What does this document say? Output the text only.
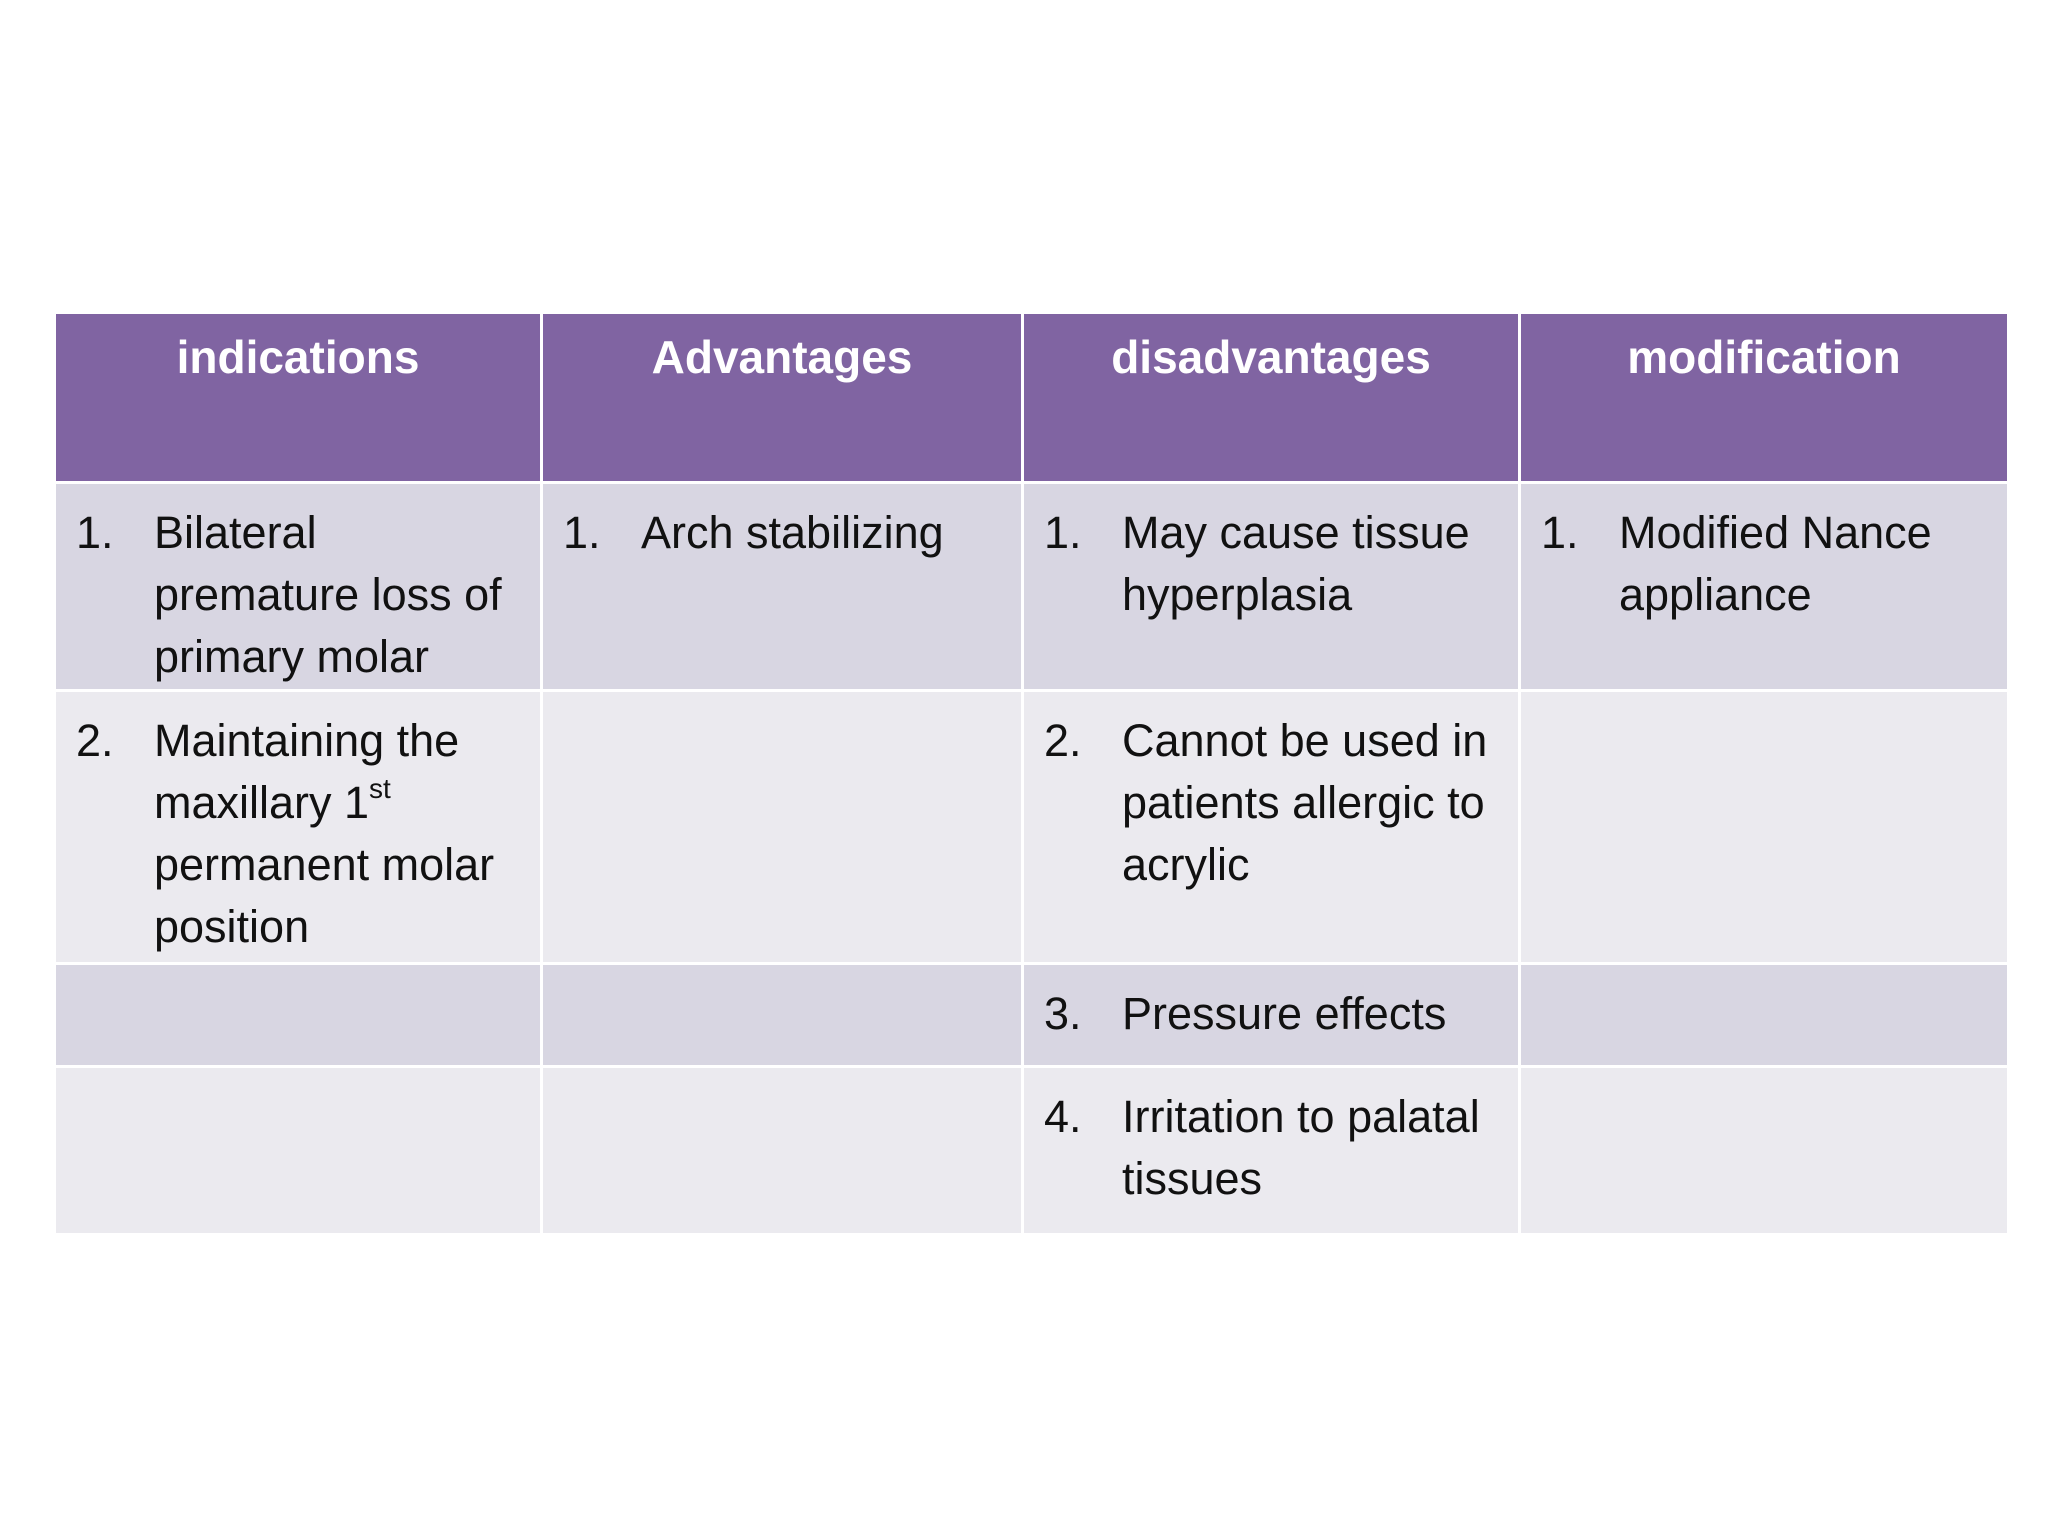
indications	Advantages	disadvantages	modification

1. Bilateral premature loss of primary molar	1. Arch stabilizing	1. May cause tissue hyperplasia	1. Modified Nance appliance

2. Maintaining the maxillary 1st permanent molar position		2. Cannot be used in patients allergic to acrylic	

		3. Pressure effects	

		4. Irritation to palatal tissues	
